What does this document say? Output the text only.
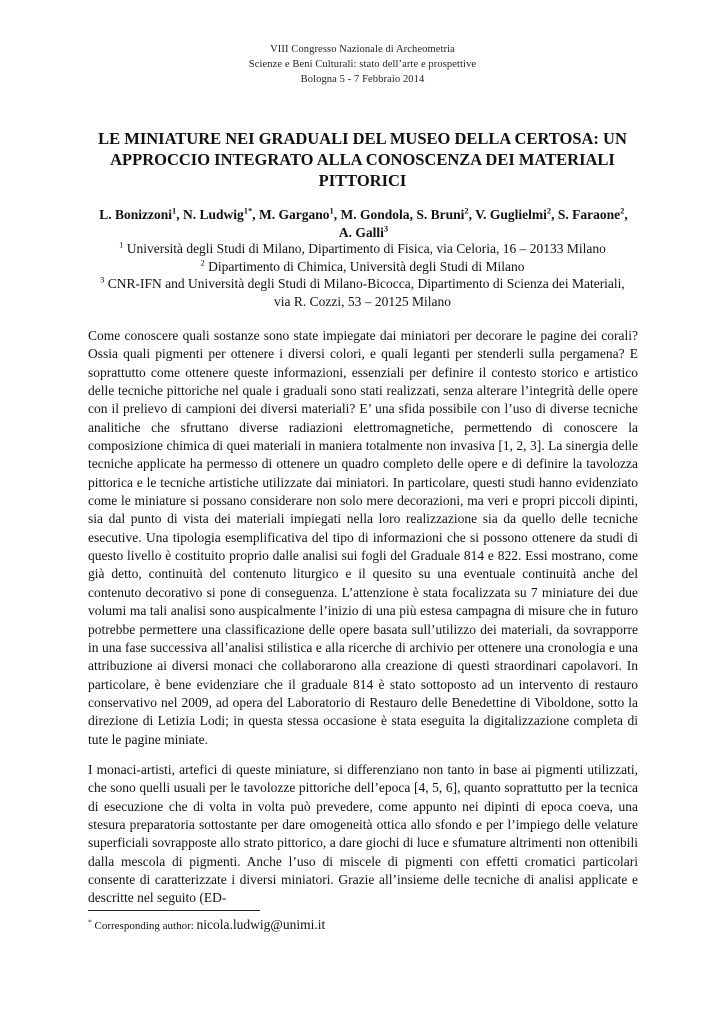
VIII Congresso Nazionale di Archeometria
Scienze e Beni Culturali: stato dell’arte e prospettive
Bologna 5 - 7 Febbraio 2014
LE MINIATURE NEI GRADUALI DEL MUSEO DELLA CERTOSA: UN
APPROCCIO INTEGRATO ALLA CONOSCENZA DEI MATERIALI
PITTORICI
L. Bonizzoni$^1$, N. Ludwig$^{1*}$, M. Gargano$^1$, M. Gondola, S. Bruni$^2$, V. Guglielmi$^2$, S. Faraone$^2$, A. Galli$^3$
$^1$ Università degli Studi di Milano, Dipartimento di Fisica, via Celoria, 16 – 20133 Milano
$^2$ Dipartimento di Chimica, Università degli Studi di Milano
$^3$ CNR-IFN and Università degli Studi di Milano-Bicocca, Dipartimento di Scienza dei Materiali, via R. Cozzi, 53 – 20125 Milano

Come conoscere quali sostanze sono state impiegate dai miniatori per decorare le pagine dei corali? Ossia quali pigmenti per ottenere i diversi colori, e quali leganti per stenderli sulla pergamena? E soprattutto come ottenere queste informazioni, essenziali per definire il contesto storico e artistico delle tecniche pittoriche nel quale i graduali sono stati realizzati, senza alterare l’integrità delle opere con il prelievo di campioni dei diversi materiali? E’ una sfida possibile con l’uso di diverse tecniche analitiche che sfruttano diverse radiazioni elettromagnetiche, permettendo di conoscere la composizione chimica di quei materiali in maniera totalmente non invasiva [1, 2, 3]. La sinergia delle tecniche applicate ha permesso di ottenere un quadro completo delle opere e di definire la tavolozza pittorica e le tecniche artistiche utilizzate dai miniatori. In particolare, questi studi hanno evidenziato come le miniature si possano considerare non solo mere decorazioni, ma veri e propri piccoli dipinti, sia dal punto di vista dei materiali impiegati nella loro realizzazione sia da quello delle tecniche esecutive. Una tipologia esemplificativa del tipo di informazioni che si possono ottenere da studi di questo livello è costituito proprio dalle analisi sui fogli del Graduale 814 e 822. Essi mostrano, come già detto, continuità del contenuto liturgico e il quesito su una eventuale continuità anche del contenuto decorativo si pone di conseguenza. L’attenzione è stata focalizzata su 7 miniature dei due volumi ma tali analisi sono auspicalmente l’inizio di una più estesa campagna di misure che in futuro potrebbe permettere una classificazione delle opere basata sull’utilizzo dei materiali, da sovrapporre in una fase successiva all’analisi stilistica e alla ricerche di archivio per ottenere una cronologia e una attribuzione ai diversi monaci che collaborarono alla creazione di questi straordinari capolavori. In particolare, è bene evidenziare che il graduale 814 è stato sottoposto ad un intervento di restauro conservativo nel 2009, ad opera del Laboratorio di Restauro delle Benedettine di Viboldone, sotto la direzione di Letizia Lodi; in questa stessa occasione è stata eseguita la digitalizzazione completa di tute le pagine miniate.

I monaci-artisti, artefici di queste miniature, si differenziano non tanto in base ai pigmenti utilizzati, che sono quelli usuali per le tavolozze pittoriche dell’epoca [4, 5, 6], quanto soprattutto per la tecnica di esecuzione che di volta in volta può prevedere, come appunto nei dipinti di epoca coeva, una stesura preparatoria sottostante per dare omogeneità ottica allo sfondo e per l’impiego delle velature superficiali sovrapposte allo strato pittorico, a dare giochi di luce e sfumature altrimenti non ottenibili dalla mescola di pigmenti. Anche l’uso di miscele di pigmenti con effetti cromatici particolari consente di caratterizzate i diversi miniatori. Grazie all’insieme delle tecniche di analisi applicate e descritte nel seguito (ED-

* Corresponding author: nicola.ludwig@unimi.it
